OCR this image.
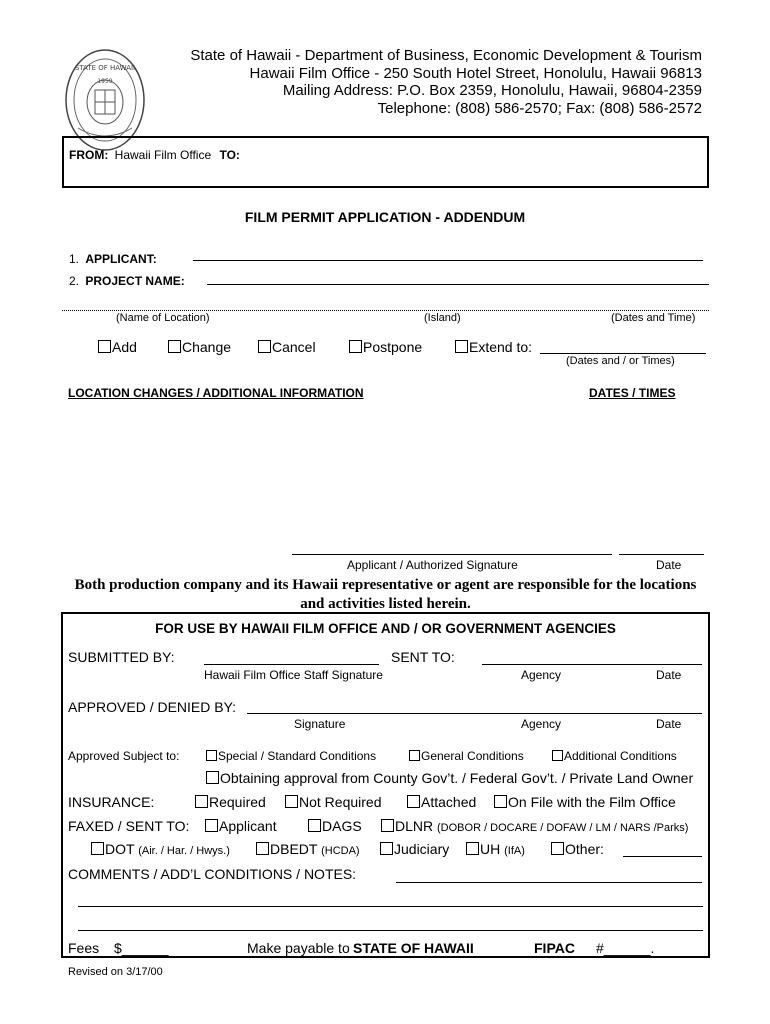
STATE OF HAWAII
1959
State of Hawaii - Department of Business, Economic Development & Tourism
Hawaii Film Office - 250 South Hotel Street, Honolulu, Hawaii 96813
Mailing Address: P.O. Box 2359, Honolulu, Hawaii, 96804-2359
Telephone: (808) 586-2570; Fax: (808) 586-2572
FROM: Hawaii Film Office TO:
FILM PERMIT APPLICATION - ADDENDUM
1. APPLICANT:
2. PROJECT NAME:
(Name of Location)	(Island)	(Dates and Time)
Add	Change	Cancel	Postpone	Extend to:
(Dates and / or Times)
LOCATION CHANGES / ADDITIONAL INFORMATION	DATES / TIMES
Applicant / Authorized Signature	Date
Both production company and its Hawaii representative or agent are responsible for the locations
and activities listed herein.
FOR USE BY HAWAII FILM OFFICE AND / OR GOVERNMENT AGENCIES
SUBMITTED BY:	SENT TO:
Hawaii Film Office Staff Signature	Agency	Date
APPROVED / DENIED BY:
Signature	Agency	Date
Approved Subject to:	Special / Standard Conditions	General Conditions	Additional Conditions
Obtaining approval from County Gov’t. / Federal Gov’t. / Private Land Owner
INSURANCE:	Required	Not Required	Attached	On File with the Film Office
FAXED / SENT TO:	Applicant	DAGS	DLNR (DOBOR / DOCARE / DOFAW / LM / NARS /Parks)
DOT (Air. / Har. / Hwys.)	DBEDT (HCDA)	Judiciary	UH (IfA)	Other:
COMMENTS / ADD’L CONDITIONS / NOTES:
Fees $______	Make payable to STATE OF HAWAII	FIPAC #______.
Revised on 3/17/00
